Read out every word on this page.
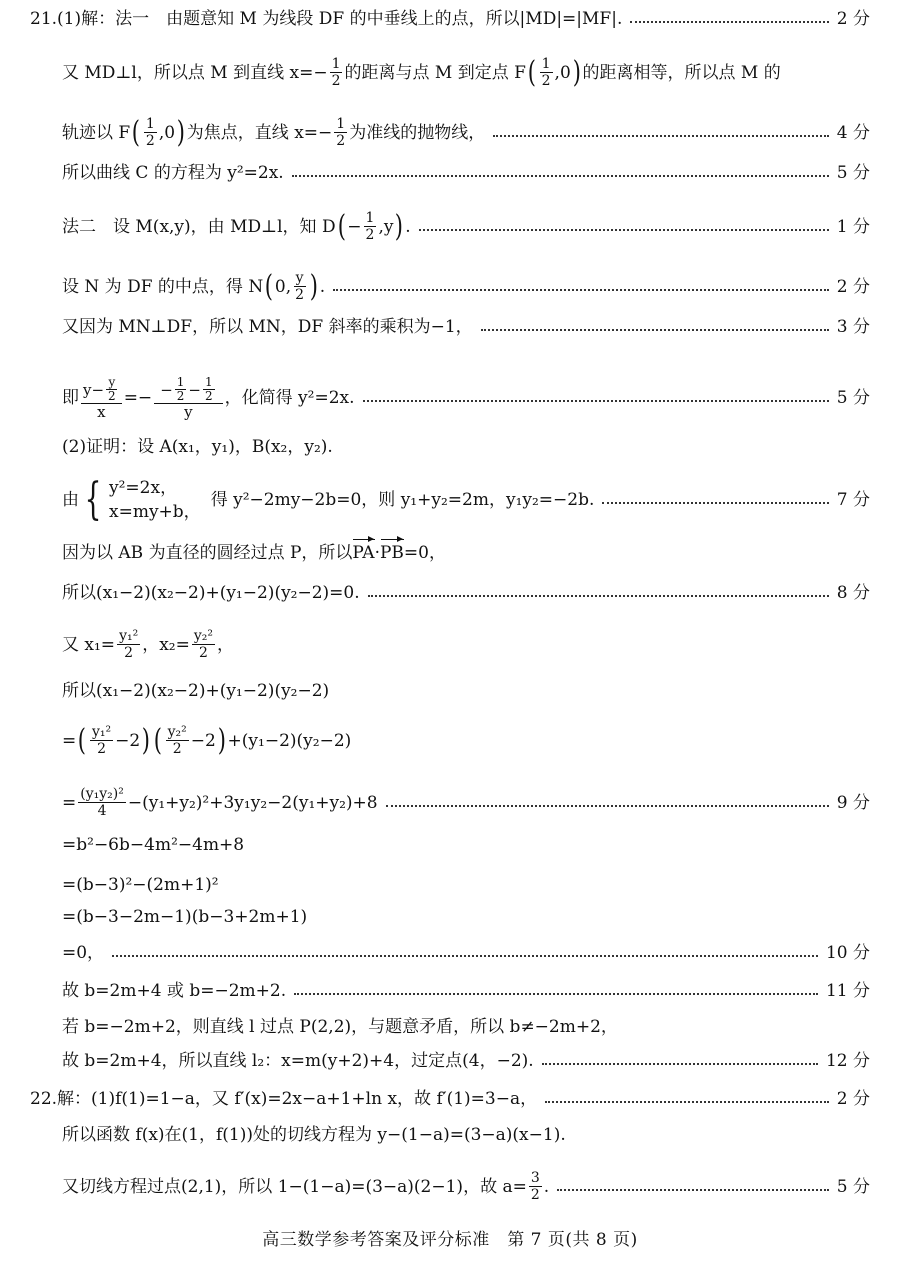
21.(1)解：法一　由题意知 M 为线段 DF 的中垂线上的点，所以|MD|=|MF|.	2 分
又 MD⊥l，所以点 M 到直线 $x=- \frac{1}{2}$ 的距离与点 M 到定点 F ( $\frac{1}{2} ,0$ ) 的距离相等，所以点 M 的
轨迹以 F ( $\frac{1}{2} ,0$ ) 为焦点，直线 $x=- \frac{1}{2}$ 为准线的抛物线，	4 分
所以曲线 C 的方程为 y²=2x.	5 分
法二　设 M(x,y)，由 MD⊥l，知 D ( − $\frac{1}{2} ,y$ ) .	1 分
设 N 为 DF 的中点，得 N ( 0, $\frac{y}{2}$ ) .	2 分
又因为 MN⊥DF，所以 MN，DF 斜率的乘积为−1，	3 分
即 $\frac{y- \frac{y}{2}}{x} =- \frac{- \frac{1}{2} - \frac{1}{2}}{y}$ ，化简得 y²=2x.	5 分
(2)证明：设 A(x₁，y₁)，B(x₂，y₂).
由 { y²=2x，
x=my+b，
得 y²−2my−2b=0，则 y₁+y₂=2m，y₁y₂=−2b.	7 分
因为以 AB 为直径的圆经过点 P，所以 PA · PB =0，
所以(x₁−2)(x₂−2)+(y₁−2)(y₂−2)=0.	8 分
又 $x_1= \frac{\text{y₁²}}{2}$ ，$x_2= \frac{\text{y₂²}}{2}$ ，
所以(x₁−2)(x₂−2)+(y₁−2)(y₂−2)
= ( $\frac{\text{y₁²}}{2} -2$ ) ( $\frac{\text{y₂²}}{2} -2$ ) +(y₁−2)(y₂−2)
= $\frac{\text{(y₁y₂)²}}{4} -(y_1+y_2)^2+3y_1y_2-2(y_1+y_2)+8$	9 分
=b²−6b−4m²−4m+8
=(b−3)²−(2m+1)²
=(b−3−2m−1)(b−3+2m+1)
=0，	10 分
故 b=2m+4 或 b=−2m+2.	11 分
若 b=−2m+2，则直线 l 过点 P(2,2)，与题意矛盾，所以 b≠−2m+2，
故 b=2m+4，所以直线 l₂：x=m(y+2)+4，过定点(4，−2).	12 分
22.解：(1)f(1)=1−a，又 f′(x)=2x−a+1+ln x，故 f′(1)=3−a，	2 分
所以函数 f(x)在(1，f(1))处的切线方程为 y−(1−a)=(3−a)(x−1).
又切线方程过点(2,1)，所以 1−(1−a)=(3−a)(2−1)，故 $a= \frac{3}{2}$ .	5 分
高三数学参考答案及评分标准　第 7 页(共 8 页)
